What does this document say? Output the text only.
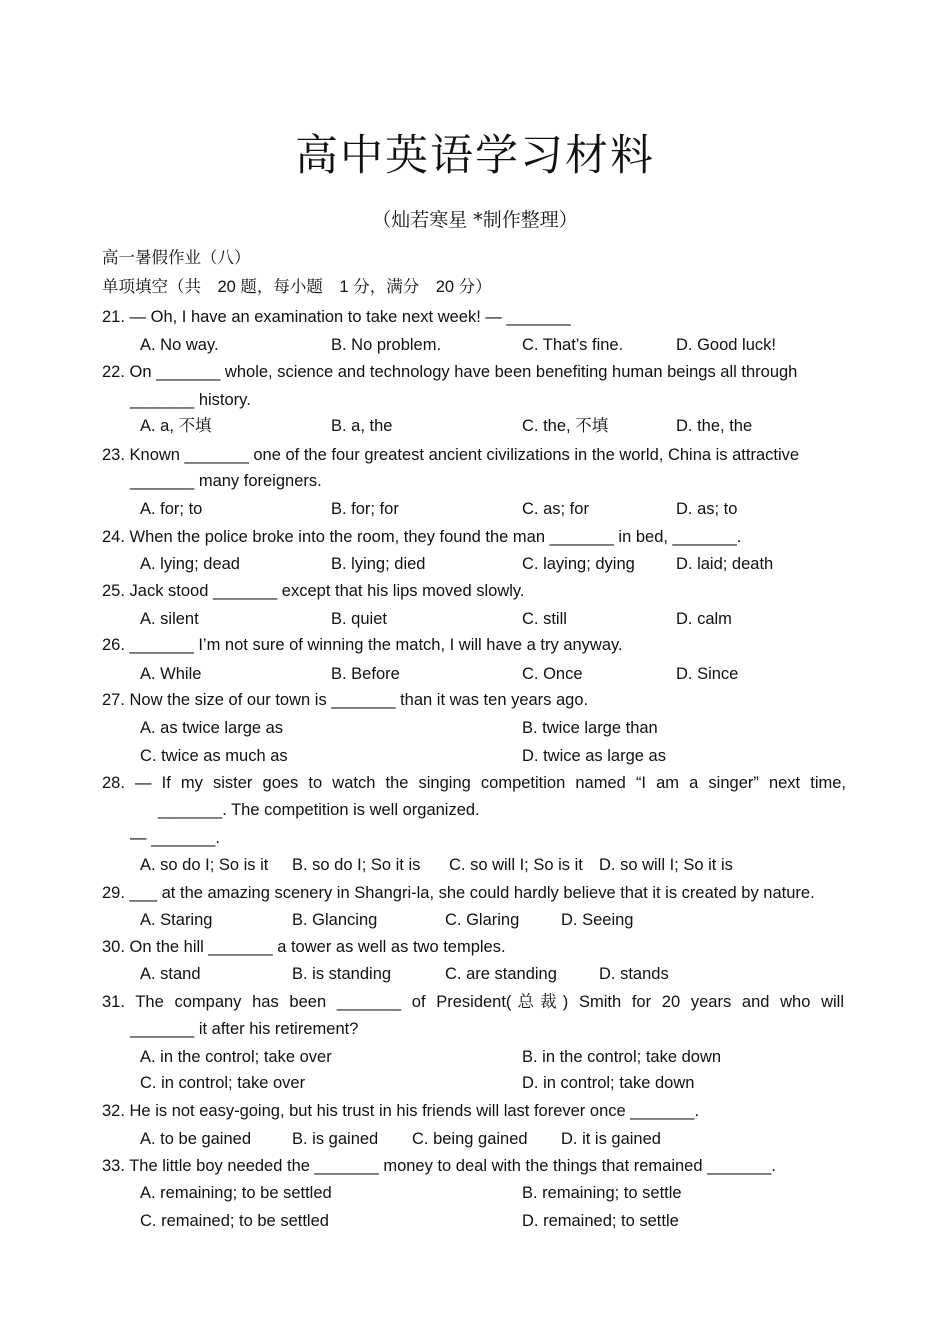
高中英语学习材料
（灿若寒星 *制作整理）
高一暑假作业（八）
单项填空（共　20 题，每小题　1 分，满分　20 分）
21. — Oh, I have an examination to take next week! — _______
A. No way.	B. No problem.	C. That’s fine.	D. Good luck!
22. On _______ whole, science and technology have been benefiting human beings all through
_______ history.
A. a, 不填	B. a, the	C. the, 不填	D. the, the
23. Known _______ one of the four greatest ancient civilizations in the world, China is attractive
_______ many foreigners.
A. for; to	B. for; for	C. as; for	D. as; to
24. When the police broke into the room, they found the man _______ in bed, _______.
A. lying; dead	B. lying; died	C. laying; dying D. laid; death
25. Jack stood _______ except that his lips moved slowly.
A. silent	B. quiet	C. still	D. calm
26. _______ I’m not sure of winning the match, I will have a try anyway.
A. While	B. Before	C. Once	D. Since
27. Now the size of our town is _______ than it was ten years ago.
A. as twice large as	B. twice large than
C. twice as much as	D. twice as large as
28. — If my sister goes to watch the singing competition named “I am a singer” next time,
_______. The competition is well organized.
— _______.
A. so do I; So is it B. so do I; So it is C. so will I; So is it D. so will I; So it is
29. ___ at the amazing scenery in Shangri-la, she could hardly believe that it is created by nature.
A. Staring	B. Glancing	C. Glaring	D. Seeing
30. On the hill _______ a tower as well as two temples.
A. stand	B. is standing	C. are standing	D. stands
31. The company has been _______ of President(总裁) Smith for 20 years and who will
_______ it after his retirement?
A. in the control; take over	B. in the control; take down
C. in control; take over	D. in control; take down
32. He is not easy-going, but his trust in his friends will last forever once _______.
A. to be gained B. is gained C. being gained D. it is gained
33. The little boy needed the _______ money to deal with the things that remained _______.
A. remaining; to be settled	B. remaining; to settle
C. remained; to be settled	D. remained; to settle
